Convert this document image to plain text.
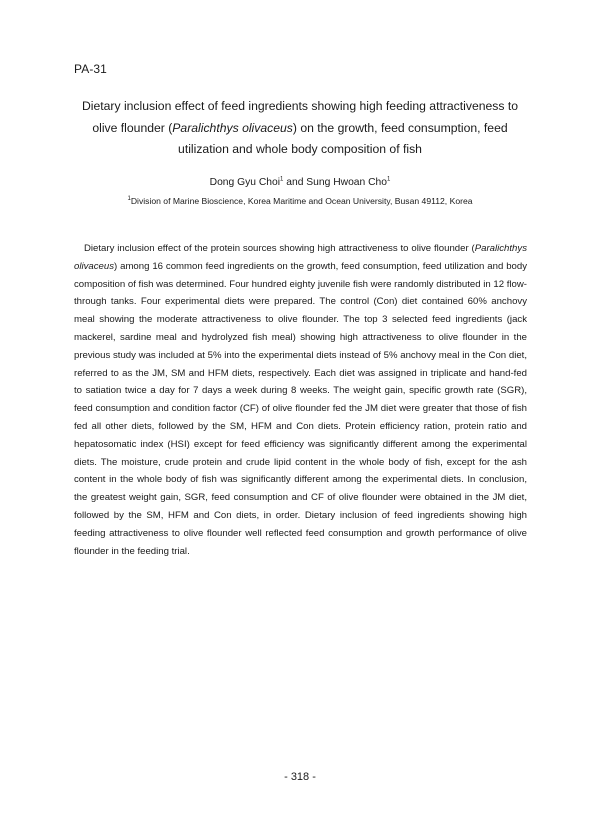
PA-31
Dietary inclusion effect of feed ingredients showing high feeding attractiveness to
olive flounder (Paralichthys olivaceus) on the growth, feed consumption, feed
utilization and whole body composition of fish
Dong Gyu Choi$^1$ and Sung Hwoan Cho$^1$
$^1$Division of Marine Bioscience, Korea Maritime and Ocean University, Busan 49112, Korea

Dietary inclusion effect of the protein sources showing high attractiveness to olive flounder (Paralichthys olivaceus) among 16 common feed ingredients on the growth, feed consumption, feed utilization and body composition of fish was determined. Four hundred eighty juvenile fish were randomly distributed in 12 flow-through tanks. Four experimental diets were prepared. The control (Con) diet contained 60% anchovy meal showing the moderate attractiveness to olive flounder. The top 3 selected feed ingredients (jack mackerel, sardine meal and hydrolyzed fish meal) showing high attractiveness to olive flounder in the previous study was included at 5% into the experimental diets instead of 5% anchovy meal in the Con diet, referred to as the JM, SM and HFM diets, respectively. Each diet was assigned in triplicate and hand-fed to satiation twice a day for 7 days a week during 8 weeks. The weight gain, specific growth rate (SGR), feed consumption and condition factor (CF) of olive flounder fed the JM diet were greater that those of fish fed all other diets, followed by the SM, HFM and Con diets. Protein efficiency ration, protein ratio and hepatosomatic index (HSI) except for feed efficiency was significantly different among the experimental diets. The moisture, crude protein and crude lipid content in the whole body of fish, except for the ash content in the whole body of fish was significantly different among the experimental diets. In conclusion, the greatest weight gain, SGR, feed consumption and CF of olive flounder were obtained in the JM diet, followed by the SM, HFM and Con diets, in order. Dietary inclusion of feed ingredients showing high feeding attractiveness to olive flounder well reflected feed consumption and growth performance of olive flounder in the feeding trial.

- 318 -
